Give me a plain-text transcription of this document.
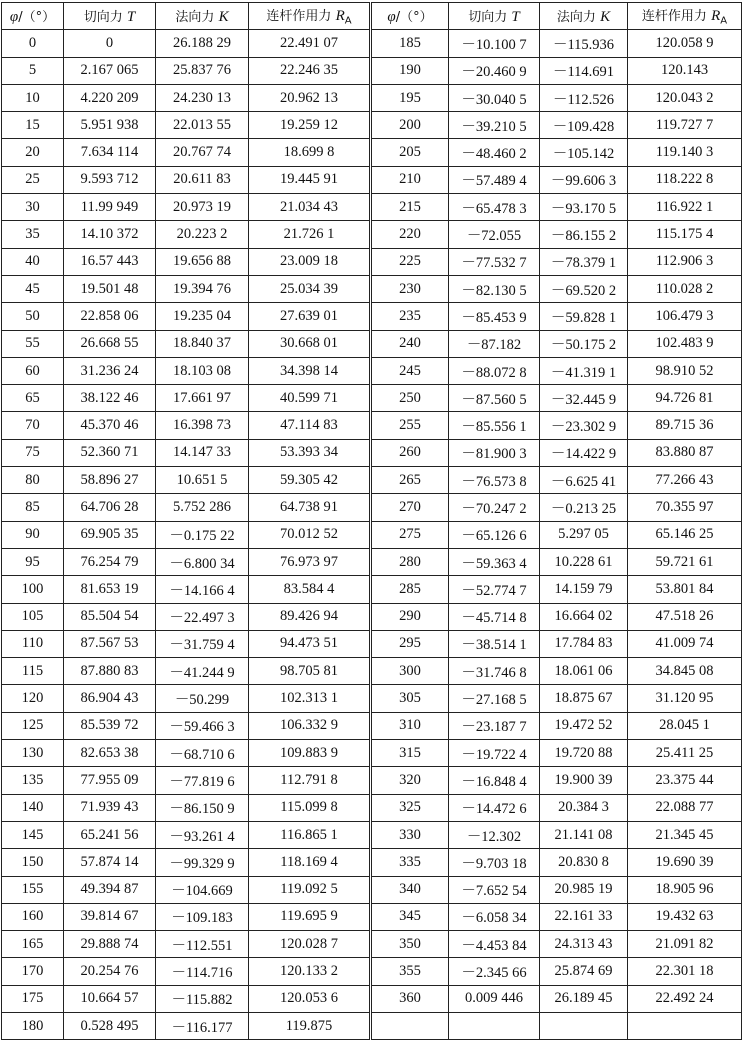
φ/（°）	切向力 T	法向力 K	连杆作用力 $R_A$	φ/（°）	切向力 T	法向力 K	连杆作用力 $R_A$
0	0	26.188 29	22.491 07	185	－10.100 7	－115.936	120.058 9
5	2.167 065	25.837 76	22.246 35	190	－20.460 9	－114.691	120.143
10	4.220 209	24.230 13	20.962 13	195	－30.040 5	－112.526	120.043 2
15	5.951 938	22.013 55	19.259 12	200	－39.210 5	－109.428	119.727 7
20	7.634 114	20.767 74	18.699 8	205	－48.460 2	－105.142	119.140 3
25	9.593 712	20.611 83	19.445 91	210	－57.489 4	－99.606 3	118.222 8
30	11.99 949	20.973 19	21.034 43	215	－65.478 3	－93.170 5	116.922 1
35	14.10 372	20.223 2	21.726 1	220	－72.055	－86.155 2	115.175 4
40	16.57 443	19.656 88	23.009 18	225	－77.532 7	－78.379 1	112.906 3
45	19.501 48	19.394 76	25.034 39	230	－82.130 5	－69.520 2	110.028 2
50	22.858 06	19.235 04	27.639 01	235	－85.453 9	－59.828 1	106.479 3
55	26.668 55	18.840 37	30.668 01	240	－87.182	－50.175 2	102.483 9
60	31.236 24	18.103 08	34.398 14	245	－88.072 8	－41.319 1	98.910 52
65	38.122 46	17.661 97	40.599 71	250	－87.560 5	－32.445 9	94.726 81
70	45.370 46	16.398 73	47.114 83	255	－85.556 1	－23.302 9	89.715 36
75	52.360 71	14.147 33	53.393 34	260	－81.900 3	－14.422 9	83.880 87
80	58.896 27	10.651 5	59.305 42	265	－76.573 8	－6.625 41	77.266 43
85	64.706 28	5.752 286	64.738 91	270	－70.247 2	－0.213 25	70.355 97
90	69.905 35	－0.175 22	70.012 52	275	－65.126 6	5.297 05	65.146 25
95	76.254 79	－6.800 34	76.973 97	280	－59.363 4	10.228 61	59.721 61
100	81.653 19	－14.166 4	83.584 4	285	－52.774 7	14.159 79	53.801 84
105	85.504 54	－22.497 3	89.426 94	290	－45.714 8	16.664 02	47.518 26
110	87.567 53	－31.759 4	94.473 51	295	－38.514 1	17.784 83	41.009 74
115	87.880 83	－41.244 9	98.705 81	300	－31.746 8	18.061 06	34.845 08
120	86.904 43	－50.299	102.313 1	305	－27.168 5	18.875 67	31.120 95
125	85.539 72	－59.466 3	106.332 9	310	－23.187 7	19.472 52	28.045 1
130	82.653 38	－68.710 6	109.883 9	315	－19.722 4	19.720 88	25.411 25
135	77.955 09	－77.819 6	112.791 8	320	－16.848 4	19.900 39	23.375 44
140	71.939 43	－86.150 9	115.099 8	325	－14.472 6	20.384 3	22.088 77
145	65.241 56	－93.261 4	116.865 1	330	－12.302	21.141 08	21.345 45
150	57.874 14	－99.329 9	118.169 4	335	－9.703 18	20.830 8	19.690 39
155	49.394 87	－104.669	119.092 5	340	－7.652 54	20.985 19	18.905 96
160	39.814 67	－109.183	119.695 9	345	－6.058 34	22.161 33	19.432 63
165	29.888 74	－112.551	120.028 7	350	－4.453 84	24.313 43	21.091 82
170	20.254 76	－114.716	120.133 2	355	－2.345 66	25.874 69	22.301 18
175	10.664 57	－115.882	120.053 6	360	0.009 446	26.189 45	22.492 24
180	0.528 495	－116.177	119.875				
